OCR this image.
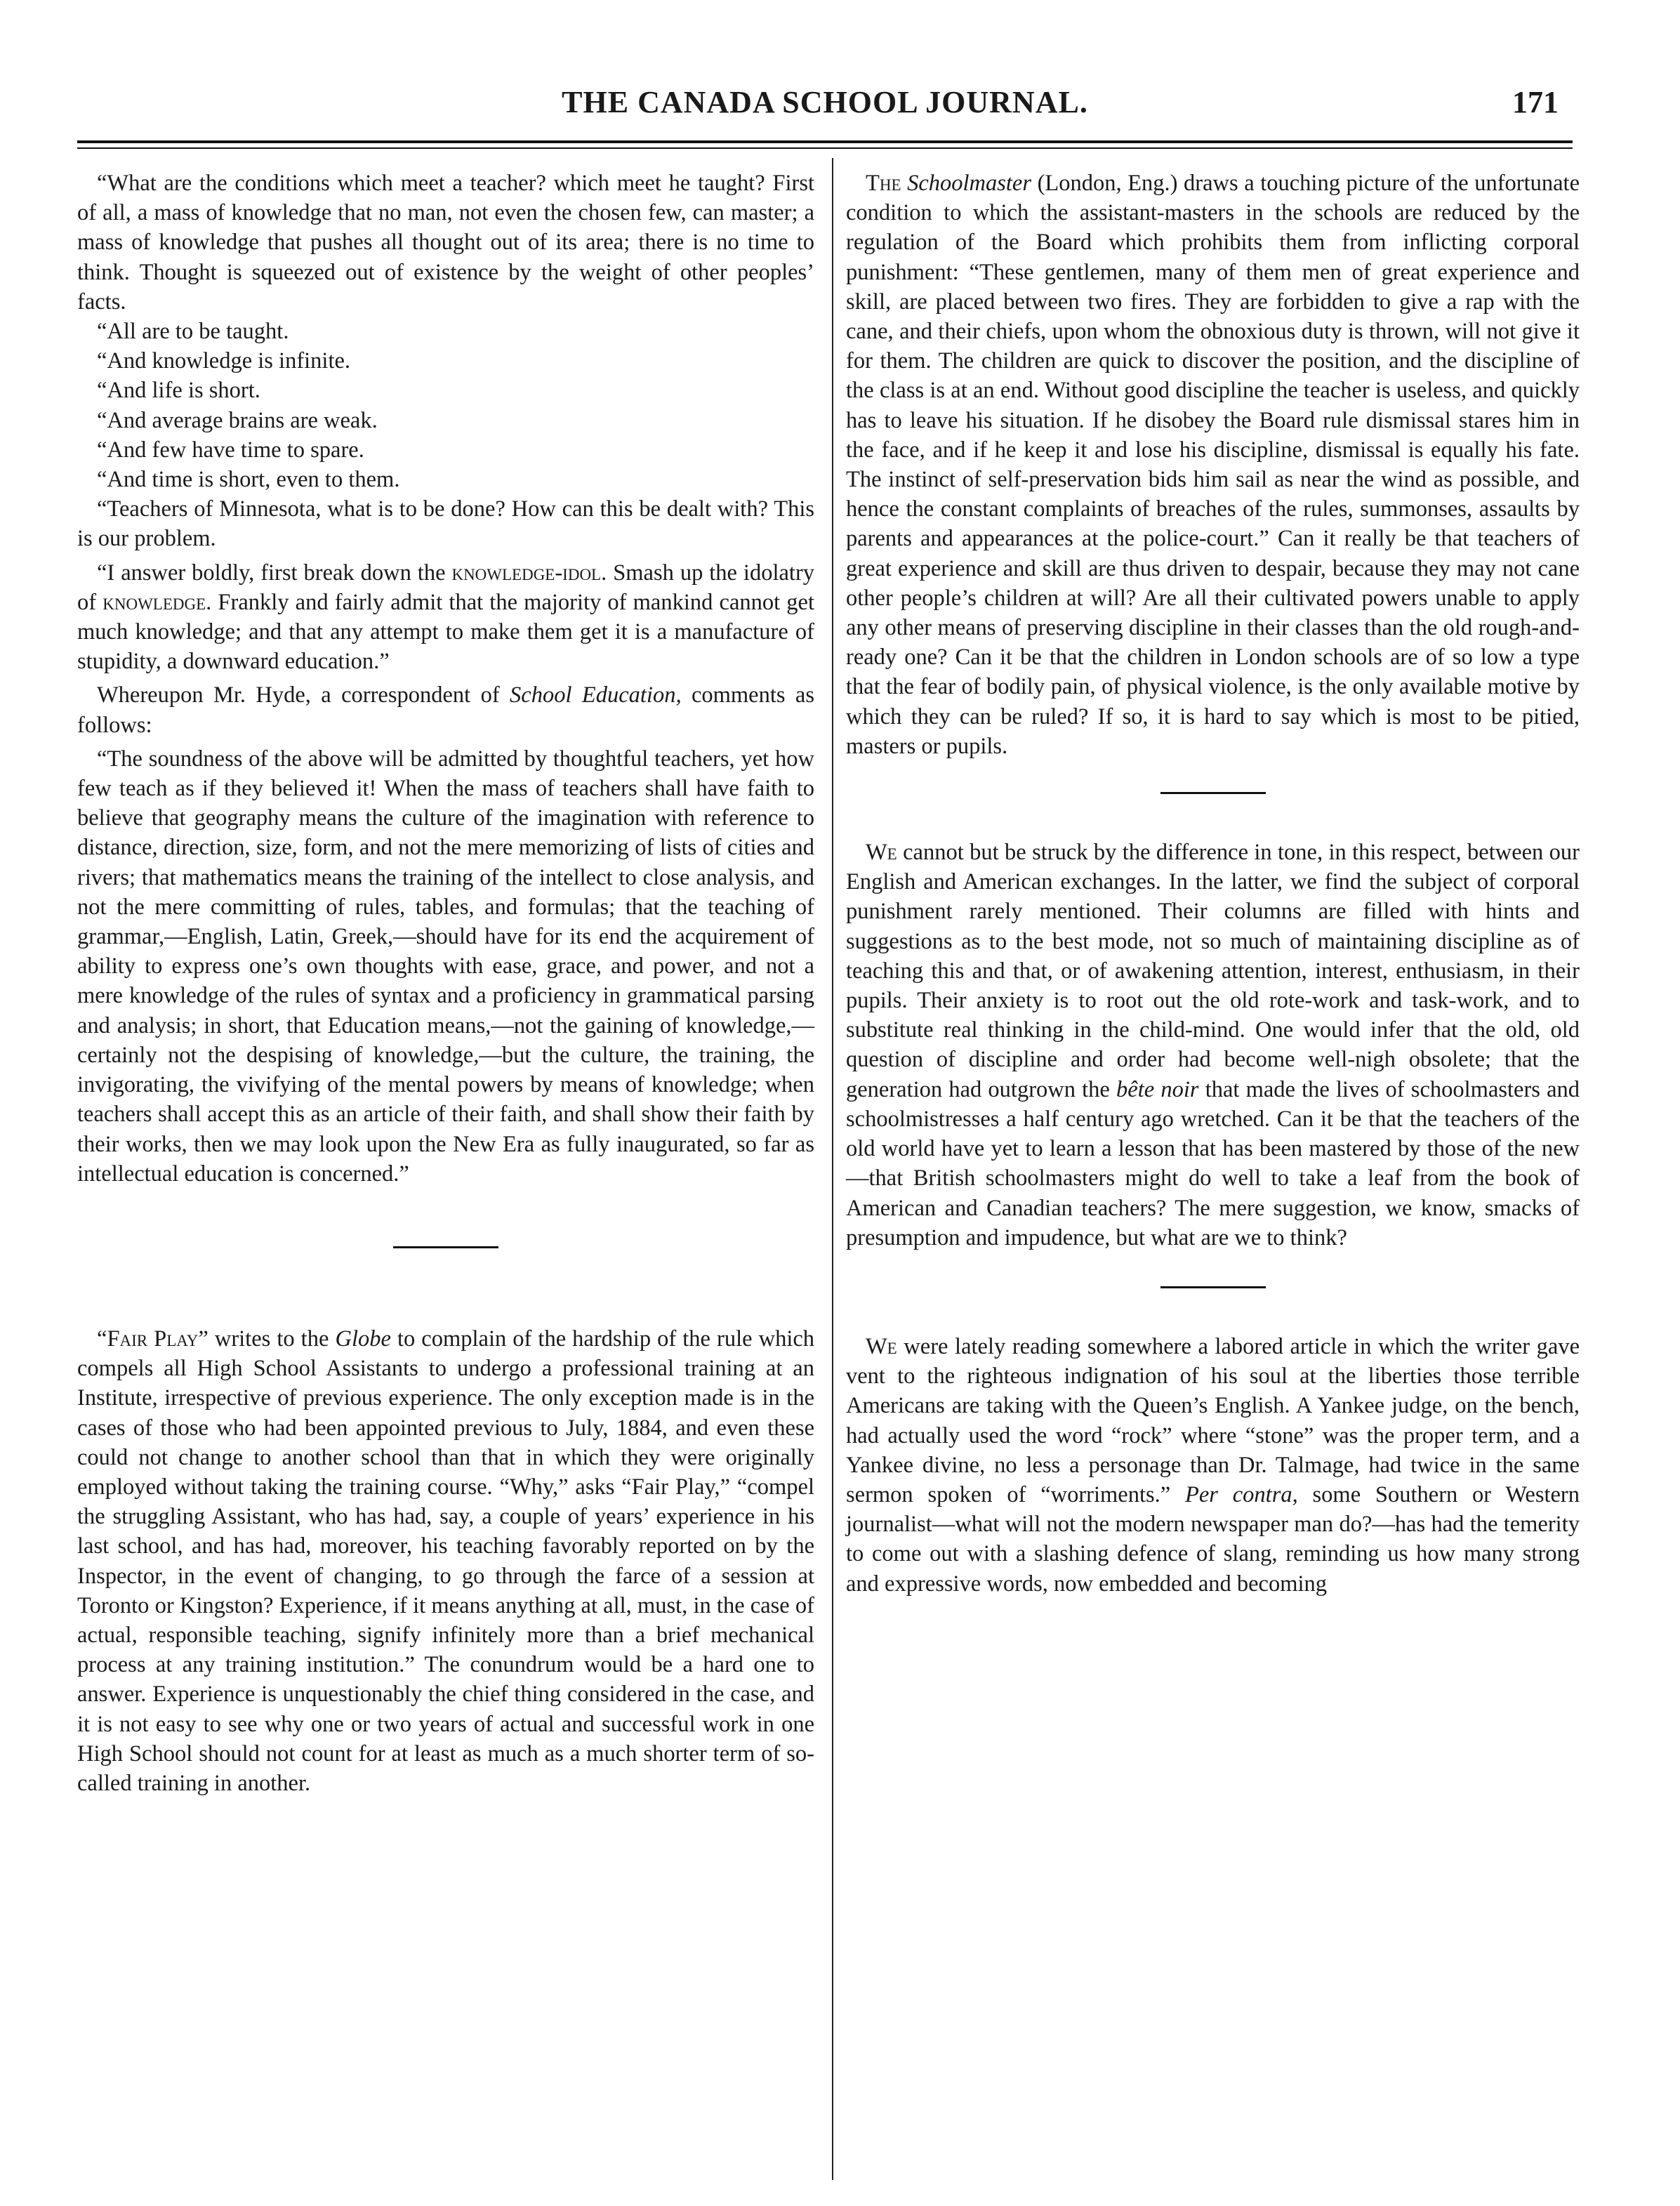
THE CANADA SCHOOL JOURNAL.	171

“What are the conditions which meet a teacher? which meet he taught? First of all, a mass of knowledge that no man, not even the chosen few, can master; a mass of knowledge that pushes all thought out of its area; there is no time to think. Thought is squeezed out of existence by the weight of other peoples’ facts.

“All are to be taught.

“And knowledge is infinite.

“And life is short.

“And average brains are weak.

“And few have time to spare.

“And time is short, even to them.

“Teachers of Minnesota, what is to be done? How can this be dealt with? This is our problem.

“I answer boldly, first break down the knowledge-idol. Smash up the idolatry of knowledge. Frankly and fairly admit that the majority of mankind cannot get much knowledge; and that any attempt to make them get it is a manufacture of stupidity, a downward education.”

Whereupon Mr. Hyde, a correspondent of School Education, comments as follows:

“The soundness of the above will be admitted by thoughtful teachers, yet how few teach as if they believed it! When the mass of teachers shall have faith to believe that geography means the culture of the imagination with reference to distance, direction, size, form, and not the mere memorizing of lists of cities and rivers; that mathematics means the training of the intellect to close analysis, and not the mere committing of rules, tables, and formulas; that the teaching of grammar,—English, Latin, Greek,—should have for its end the acquirement of ability to express one’s own thoughts with ease, grace, and power, and not a mere knowledge of the rules of syntax and a proficiency in grammatical parsing and analysis; in short, that Education means,—not the gaining of knowledge,—certainly not the despising of knowledge,—but the culture, the training, the invigorating, the vivifying of the mental powers by means of knowledge; when teachers shall accept this as an article of their faith, and shall show their faith by their works, then we may look upon the New Era as fully inaugurated, so far as intellectual education is concerned.”

“Fair Play” writes to the Globe to complain of the hardship of the rule which compels all High School Assistants to undergo a professional training at an Institute, irrespective of previous experience. The only exception made is in the cases of those who had been appointed previous to July, 1884, and even these could not change to another school than that in which they were originally employed without taking the training course. “Why,” asks “Fair Play,” “compel the struggling Assistant, who has had, say, a couple of years’ experience in his last school, and has had, moreover, his teaching favorably reported on by the Inspector, in the event of changing, to go through the farce of a session at Toronto or Kingston? Experience, if it means anything at all, must, in the case of actual, responsible teaching, signify infinitely more than a brief mechanical process at any training institution.” The conundrum would be a hard one to answer. Experience is unquestionably the chief thing considered in the case, and it is not easy to see why one or two years of actual and successful work in one High School should not count for at least as much as a much shorter term of so-called training in another.

The Schoolmaster (London, Eng.) draws a touching picture of the unfortunate condition to which the assistant-masters in the schools are reduced by the regulation of the Board which prohibits them from inflicting corporal punishment: “These gentlemen, many of them men of great experience and skill, are placed between two fires. They are forbidden to give a rap with the cane, and their chiefs, upon whom the obnoxious duty is thrown, will not give it for them. The children are quick to discover the position, and the discipline of the class is at an end. Without good discipline the teacher is useless, and quickly has to leave his situation. If he disobey the Board rule dismissal stares him in the face, and if he keep it and lose his discipline, dismissal is equally his fate. The instinct of self-preservation bids him sail as near the wind as possible, and hence the constant complaints of breaches of the rules, summonses, assaults by parents and appearances at the police-court.” Can it really be that teachers of great experience and skill are thus driven to despair, because they may not cane other people’s children at will? Are all their cultivated powers unable to apply any other means of preserving discipline in their classes than the old rough-and-ready one? Can it be that the children in London schools are of so low a type that the fear of bodily pain, of physical violence, is the only available motive by which they can be ruled? If so, it is hard to say which is most to be pitied, masters or pupils.

We cannot but be struck by the difference in tone, in this respect, between our English and American exchanges. In the latter, we find the subject of corporal punishment rarely mentioned. Their columns are filled with hints and suggestions as to the best mode, not so much of maintaining discipline as of teaching this and that, or of awakening attention, interest, enthusiasm, in their pupils. Their anxiety is to root out the old rote-work and task-work, and to substitute real thinking in the child-mind. One would infer that the old, old question of discipline and order had become well-nigh obsolete; that the generation had outgrown the bête noir that made the lives of schoolmasters and schoolmistresses a half century ago wretched. Can it be that the teachers of the old world have yet to learn a lesson that has been mastered by those of the new—that British schoolmasters might do well to take a leaf from the book of American and Canadian teachers? The mere suggestion, we know, smacks of presumption and impudence, but what are we to think?

We were lately reading somewhere a labored article in which the writer gave vent to the righteous indignation of his soul at the liberties those terrible Americans are taking with the Queen’s English. A Yankee judge, on the bench, had actually used the word “rock” where “stone” was the proper term, and a Yankee divine, no less a personage than Dr. Talmage, had twice in the same sermon spoken of “worriments.” Per contra, some Southern or Western journalist—what will not the modern newspaper man do?—has had the temerity to come out with a slashing defence of slang, reminding us how many strong and expressive words, now embedded and becoming
